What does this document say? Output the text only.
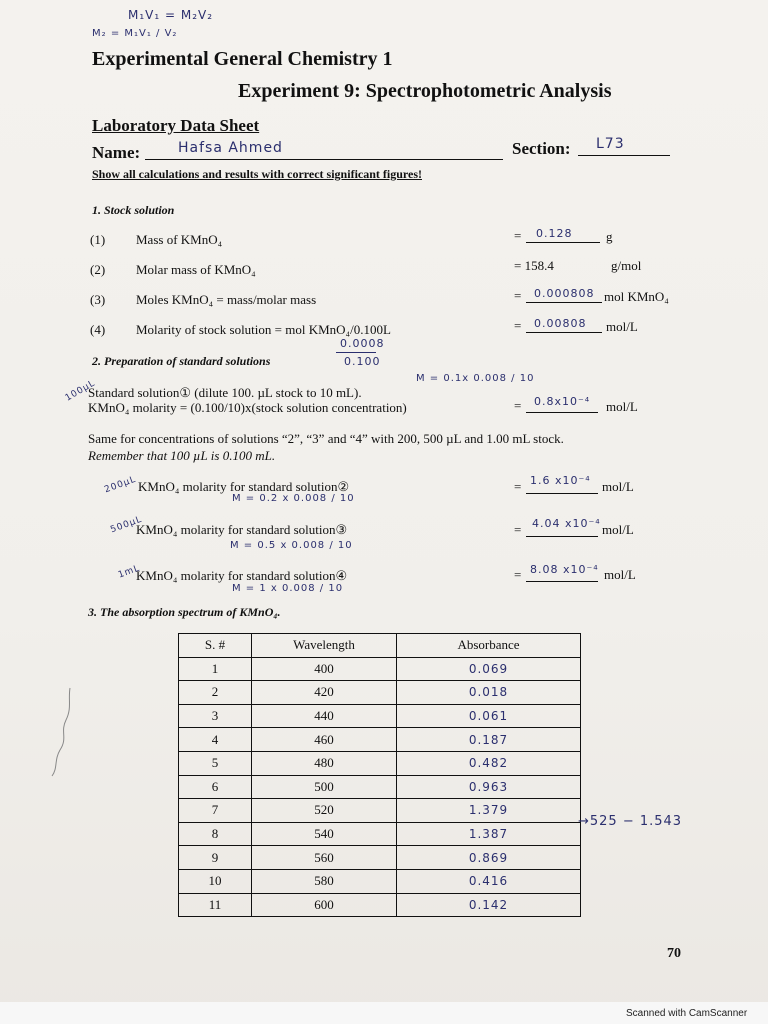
M₁V₁ = M₂V₂
M₂ = M₁V₁ / V₂
Experimental General Chemistry 1
Experiment 9: Spectrophotometric Analysis
Laboratory Data Sheet
Name:	Hafsa Ahmed	Section: L73
Show all calculations and results with correct significant figures!
1. Stock solution
(1) Mass of KMnO₄	= 0.128	g
(2) Molar mass of KMnO₄	= 158.4	g/mol
(3) Moles KMnO₄ = mass/molar mass	= 0.000808 mol KMnO₄
(4) Molarity of stock solution = mol KMnO₄/0.100L	= 0.00808 mol/L
0.0008
0.100
2. Preparation of standard solutions
100µL
Standard solution① (dilute 100. µL stock to 10 mL).
KMnO₄ molarity = (0.100/10)x(stock solution concentration)
M = 0.1x 0.008 / 10
= 0.8x10⁻⁴ mol/L
Same for concentrations of solutions “2”, “3” and “4” with 200, 500 µL and 1.00 mL stock.
Remember that 100 µL is 0.100 mL.
200µL KMnO₄ molarity for standard solution②
M = 0.2 x 0.008 / 10
= 1.6 x10⁻⁴ mol/L
500µL
KMnO₄ molarity for standard solution③
M = 0.5 x 0.008 / 10
= 4.04 x10⁻⁴ mol/L
1mL
KMnO₄ molarity for standard solution④
M = 1 x 0.008 / 10
= 8.08 x10⁻⁴ mol/L
3. The absorption spectrum of KMnO₄.
S. #	Wavelength	Absorbance
1	400	0.069
2	420	0.018
3	440	0.061
4	460	0.187
5	480	0.482
6	500	0.963
7	520	1.379
8	540	1.387
9	560	0.869
10	580	0.416
11	600	0.142
→525 − 1.543
70
Scanned with CamScanner
